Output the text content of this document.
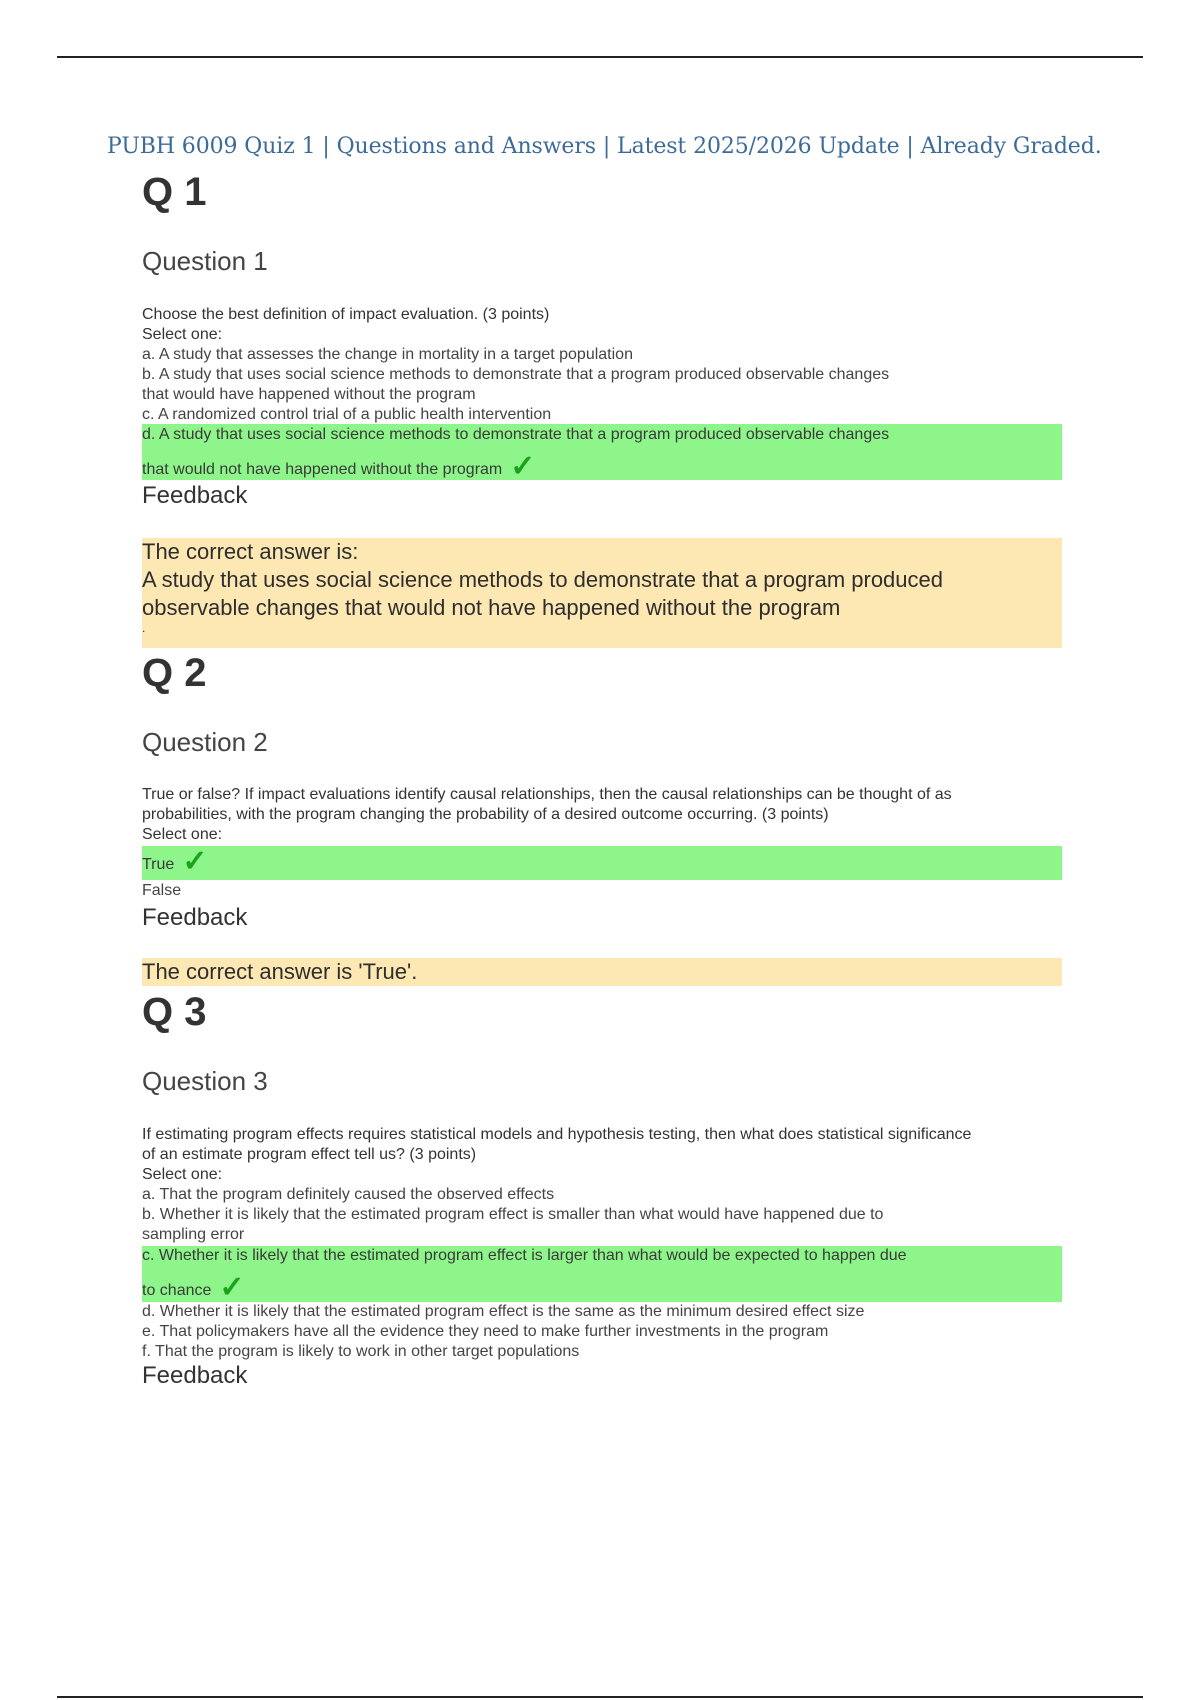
PUBH 6009 Quiz 1 | Questions and Answers | Latest 2025/2026 Update | Already Graded.
Q 1
Question 1
Choose the best definition of impact evaluation. (3 points)
Select one:
a. A study that assesses the change in mortality in a target population
b. A study that uses social science methods to demonstrate that a program produced observable changes
that would have happened without the program
c. A randomized control trial of a public health intervention
d. A study that uses social science methods to demonstrate that a program produced observable changes
that would not have happened without the program ✓
Feedback
The correct answer is:
A study that uses social science methods to demonstrate that a program produced
observable changes that would not have happened without the program
.
Q 2
Question 2
True or false? If impact evaluations identify causal relationships, then the causal relationships can be thought of as
probabilities, with the program changing the probability of a desired outcome occurring. (3 points)
Select one:
True ✓
False
Feedback
The correct answer is 'True'.
Q 3
Question 3
If estimating program effects requires statistical models and hypothesis testing, then what does statistical significance
of an estimate program effect tell us? (3 points)
Select one:
a. That the program definitely caused the observed effects
b. Whether it is likely that the estimated program effect is smaller than what would have happened due to
sampling error
c. Whether it is likely that the estimated program effect is larger than what would be expected to happen due
to chance ✓
d. Whether it is likely that the estimated program effect is the same as the minimum desired effect size
e. That policymakers have all the evidence they need to make further investments in the program
f. That the program is likely to work in other target populations
Feedback
